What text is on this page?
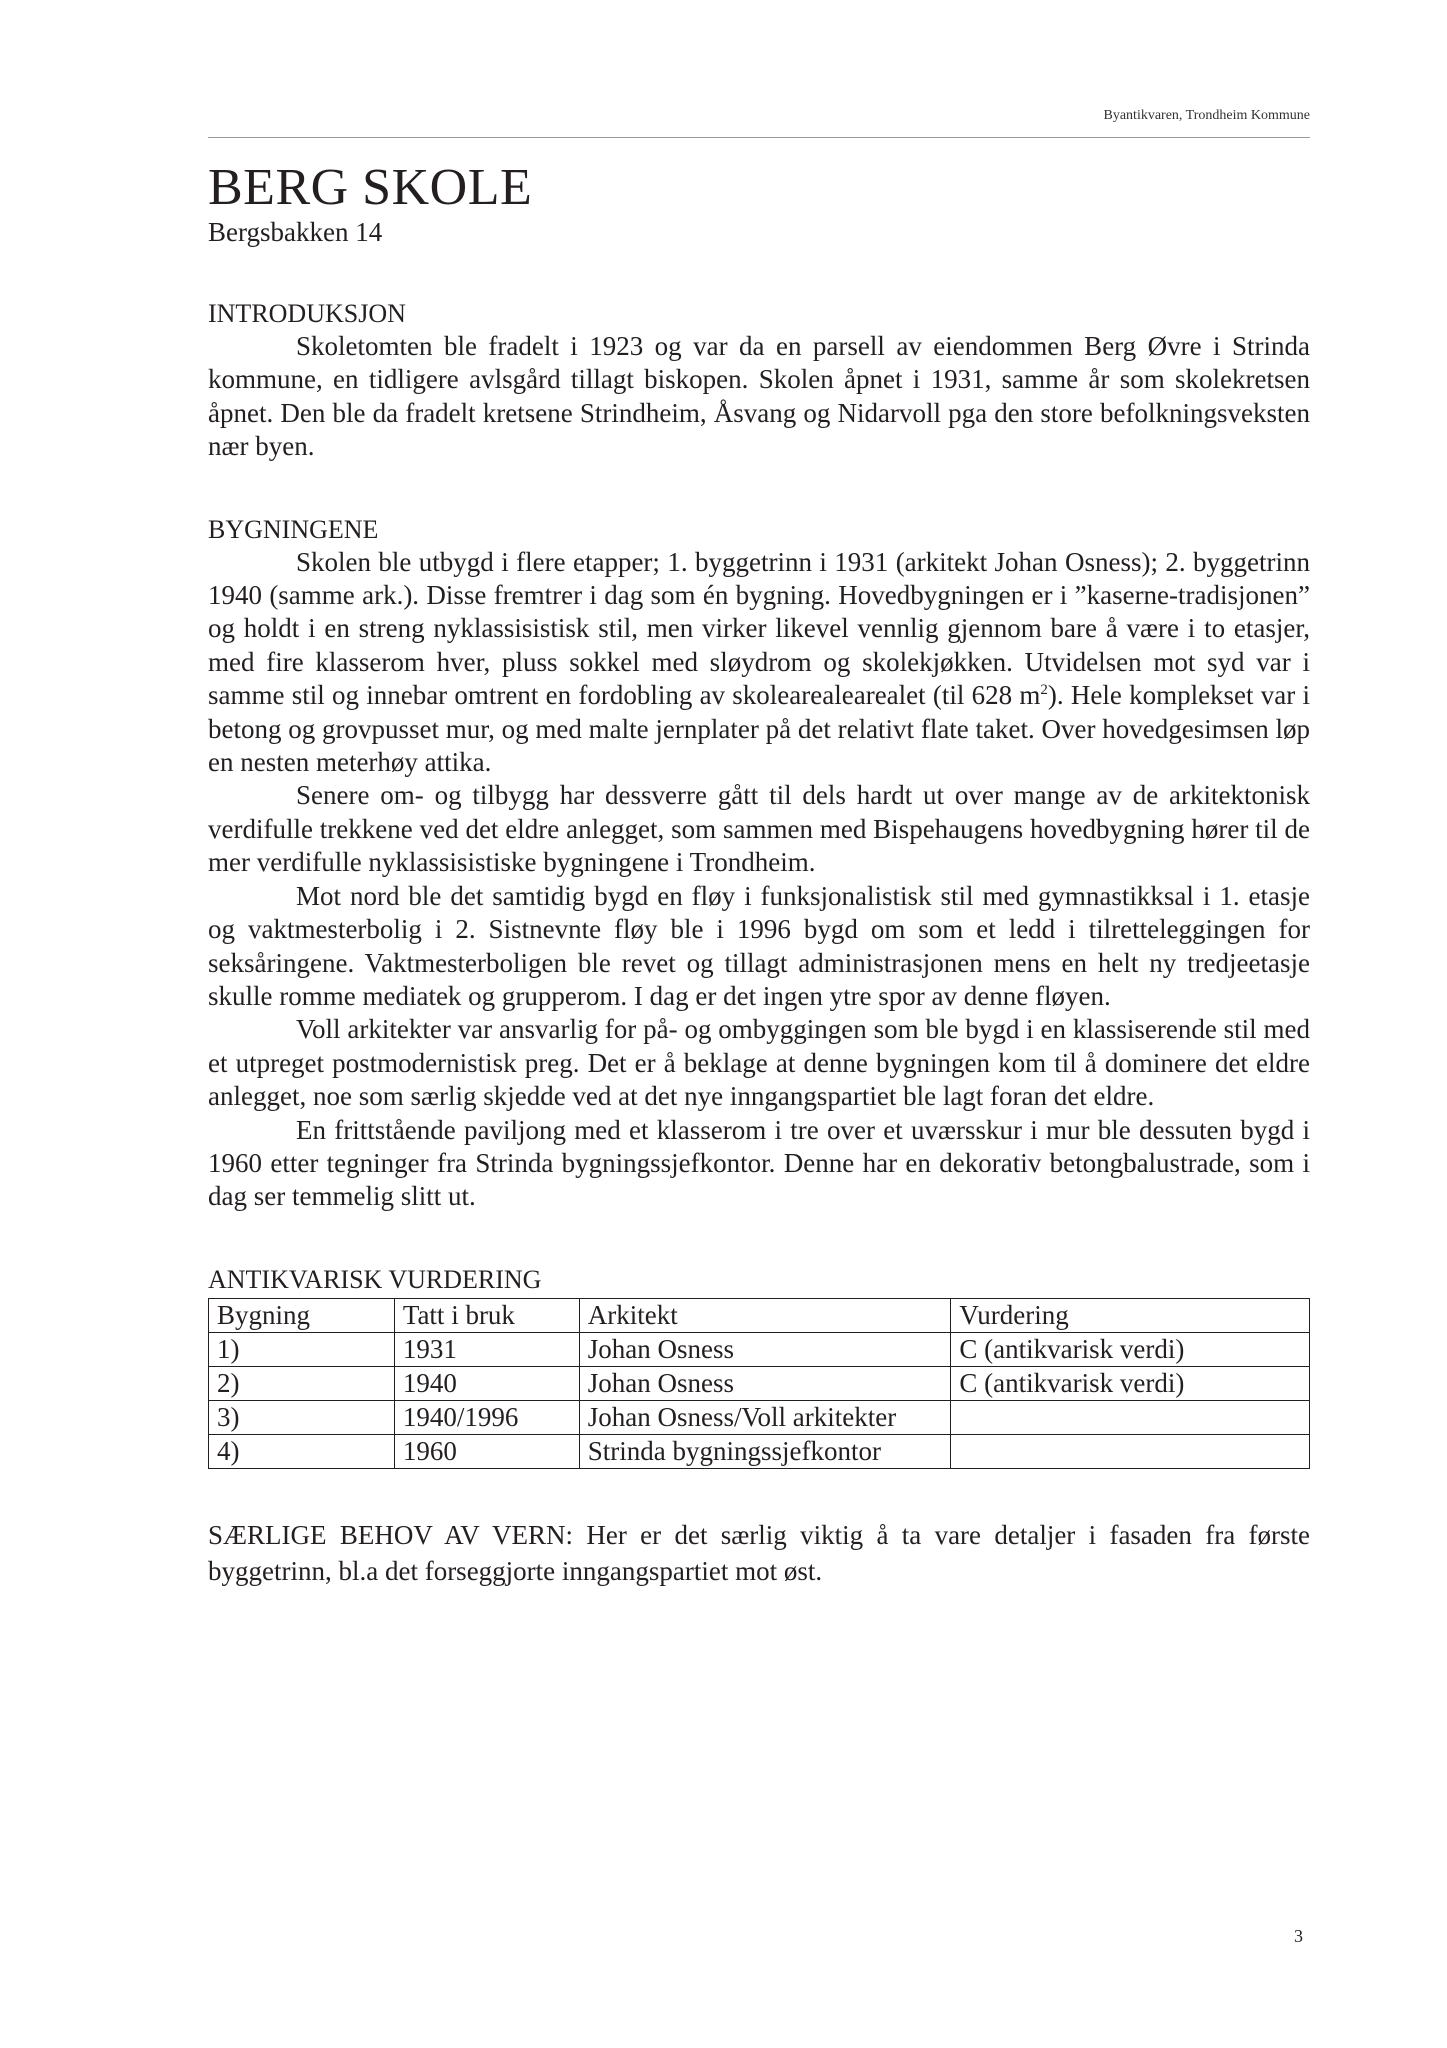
Byantikvaren, Trondheim Kommune
BERG SKOLE

Bergsbakken 14

INTRODUKSJON

Skoletomten ble fradelt i 1923 og var da en parsell av eiendommen Berg Øvre i Strinda kommune, en tidligere avlsgård tillagt biskopen. Skolen åpnet i 1931, samme år som skolekretsen åpnet. Den ble da fradelt kretsene Strindheim, Åsvang og Nidarvoll pga den store befolkningsveksten nær byen.

BYGNINGENE

Skolen ble utbygd i flere etapper; 1. byggetrinn i 1931 (arkitekt Johan Osness); 2. byggetrinn 1940 (samme ark.). Disse fremtrer i dag som én bygning. Hovedbygningen er i ”kaserne-tradisjonen” og holdt i en streng nyklassisistisk stil, men virker likevel vennlig gjennom bare å være i to etasjer, med fire klasserom hver, pluss sokkel med sløydrom og skolekjøkken. Utvidelsen mot syd var i samme stil og innebar omtrent en fordobling av skolearealearealet (til 628 $m^2$). Hele komplekset var i betong og grovpusset mur, og med malte jernplater på det relativt flate taket. Over hovedgesimsen løp en nesten meterhøy attika.

Senere om- og tilbygg har dessverre gått til dels hardt ut over mange av de arkitektonisk verdifulle trekkene ved det eldre anlegget, som sammen med Bispehaugens hovedbygning hører til de mer verdifulle nyklassisistiske bygningene i Trondheim.

Mot nord ble det samtidig bygd en fløy i funksjonalistisk stil med gymnastikksal i 1. etasje og vaktmesterbolig i 2. Sistnevnte fløy ble i 1996 bygd om som et ledd i tilretteleggingen for seksåringene. Vaktmesterboligen ble revet og tillagt administrasjonen mens en helt ny tredjeetasje skulle romme mediatek og grupperom. I dag er det ingen ytre spor av denne fløyen.

Voll arkitekter var ansvarlig for på- og ombyggingen som ble bygd i en klassiserende stil med et utpreget postmodernistisk preg. Det er å beklage at denne bygningen kom til å dominere det eldre anlegget, noe som særlig skjedde ved at det nye inngangspartiet ble lagt foran det eldre.

En frittstående paviljong med et klasserom i tre over et uværsskur i mur ble dessuten bygd i 1960 etter tegninger fra Strinda bygningssjefkontor. Denne har en dekorativ betongbalustrade, som i dag ser temmelig slitt ut.

ANTIKVARISK VURDERING

Bygning	Tatt i bruk	Arkitekt	Vurdering
1)	1931	Johan Osness	C (antikvarisk verdi)
2)	1940	Johan Osness	C (antikvarisk verdi)
3)	1940/1996	Johan Osness/Voll arkitekter	
4)	1960	Strinda bygningssjefkontor	

SÆRLIGE BEHOV AV VERN: Her er det særlig viktig å ta vare detaljer i fasaden fra første byggetrinn, bl.a det forseggjorte inngangspartiet mot øst.

3
